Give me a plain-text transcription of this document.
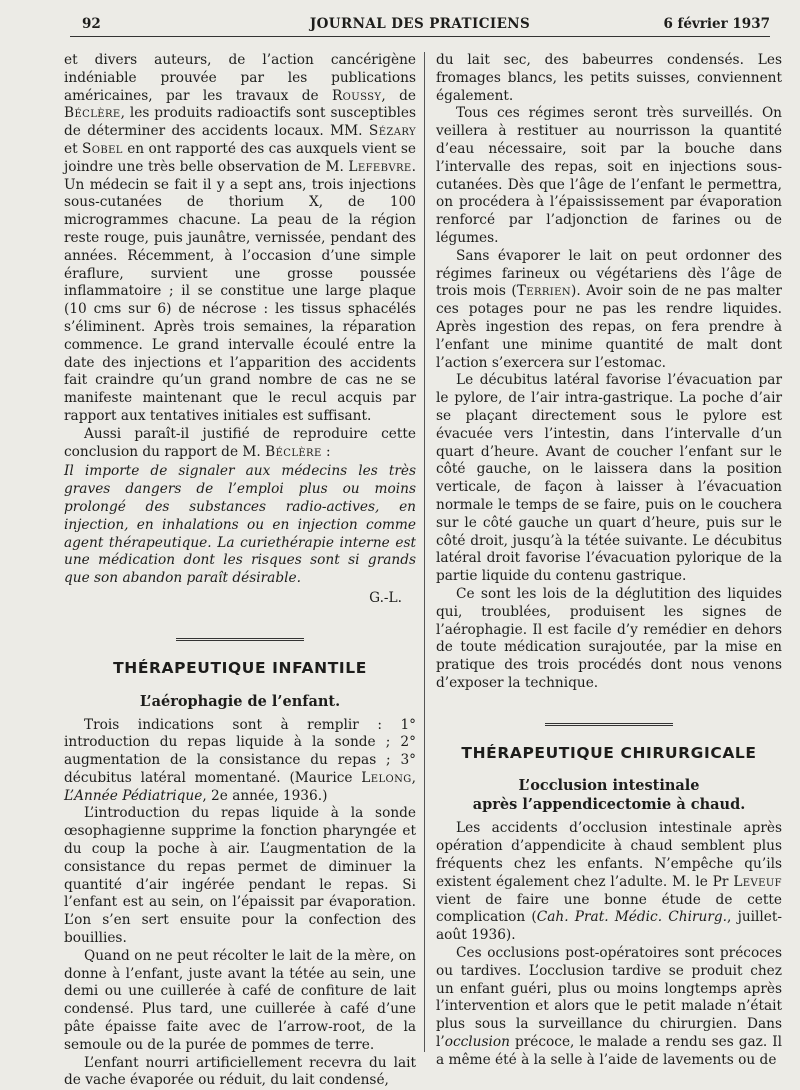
92	JOURNAL DES PRATICIENS	6 février 1937

et divers auteurs, de l’action cancérigène indéniable prouvée par les publications américaines, par les travaux de Roussy, de Béclère, les produits radioactifs sont susceptibles de déterminer des accidents locaux. MM. Sézary et Sobel en ont rapporté des cas auxquels vient se joindre une très belle observation de M. Lefebvre. Un médecin se fait il y a sept ans, trois injections sous-cutanées de thorium X, de 100 microgrammes chacune. La peau de la région reste rouge, puis jaunâtre, vernissée, pendant des années. Récemment, à l’occasion d’une simple éraflure, survient une grosse poussée inflammatoire ; il se constitue une large plaque (10 cms sur 6) de nécrose : les tissus sphacélés s’éliminent. Après trois semaines, la réparation commence. Le grand intervalle écoulé entre la date des injections et l’apparition des accidents fait craindre qu’un grand nombre de cas ne se manifeste maintenant que le recul acquis par rapport aux tentatives initiales est suffisant.

Aussi paraît-il justifié de reproduire cette conclusion du rapport de M. Béclère :

Il importe de signaler aux médecins les très graves dangers de l’emploi plus ou moins prolongé des substances radio-actives, en injection, en inhalations ou en injection comme agent thérapeutique. La curiethérapie interne est une médication dont les risques sont si grands que son abandon paraît désirable.

G.-L.
THÉRAPEUTIQUE INFANTILE
L’aérophagie de l’enfant.

Trois indications sont à remplir : 1° introduction du repas liquide à la sonde ; 2° augmentation de la consistance du repas ; 3° décubitus latéral momentané. (Maurice Lelong, L’Année Pédiatrique, 2e année, 1936.)

L’introduction du repas liquide à la sonde œsophagienne supprime la fonction pharyngée et du coup la poche à air. L’augmentation de la consistance du repas permet de diminuer la quantité d’air ingérée pendant le repas. Si l’enfant est au sein, on l’épaissit par évaporation. L’on s’en sert ensuite pour la confection des bouillies.

Quand on ne peut récolter le lait de la mère, on donne à l’enfant, juste avant la tétée au sein, une demi ou une cuillerée à café de confiture de lait condensé. Plus tard, une cuillerée à café d’une pâte épaisse faite avec de l’arrow-root, de la semoule ou de la purée de pommes de terre.

L’enfant nourri artificiellement recevra du lait de vache évaporée ou réduit, du lait condensé,

du lait sec, des babeurres condensés. Les fromages blancs, les petits suisses, conviennent également.

Tous ces régimes seront très surveillés. On veillera à restituer au nourrisson la quantité d’eau nécessaire, soit par la bouche dans l’intervalle des repas, soit en injections sous-cutanées. Dès que l’âge de l’enfant le permettra, on procédera à l’épaississement par évaporation renforcé par l’adjonction de farines ou de légumes.

Sans évaporer le lait on peut ordonner des régimes farineux ou végétariens dès l’âge de trois mois (Terrien). Avoir soin de ne pas malter ces potages pour ne pas les rendre liquides. Après ingestion des repas, on fera prendre à l’enfant une minime quantité de malt dont l’action s’exercera sur l’estomac.

Le décubitus latéral favorise l’évacuation par le pylore, de l’air intra-gastrique. La poche d’air se plaçant directement sous le pylore est évacuée vers l’intestin, dans l’intervalle d’un quart d’heure. Avant de coucher l’enfant sur le côté gauche, on le laissera dans la position verticale, de façon à laisser à l’évacuation normale le temps de se faire, puis on le couchera sur le côté gauche un quart d’heure, puis sur le côté droit, jusqu’à la tétée suivante. Le décubitus latéral droit favorise l’évacuation pylorique de la partie liquide du contenu gastrique.

Ce sont les lois de la déglutition des liquides qui, troublées, produisent les signes de l’aérophagie. Il est facile d’y remédier en dehors de toute médication surajoutée, par la mise en pratique des trois procédés dont nous venons d’exposer la technique.

THÉRAPEUTIQUE CHIRURGICALE
L’occlusion intestinale
après l’appendicectomie à chaud.

Les accidents d’occlusion intestinale après opération d’appendicite à chaud semblent plus fréquents chez les enfants. N’empêche qu’ils existent également chez l’adulte. M. le Pr Leveuf vient de faire une bonne étude de cette complication (Cah. Prat. Médic. Chirurg., juillet-août 1936).

Ces occlusions post-opératoires sont précoces ou tardives. L’occlusion tardive se produit chez un enfant guéri, plus ou moins longtemps après l’intervention et alors que le petit malade n’était plus sous la surveillance du chirurgien. Dans l’occlusion précoce, le malade a rendu ses gaz. Il a même été à la selle à l’aide de lavements ou de
